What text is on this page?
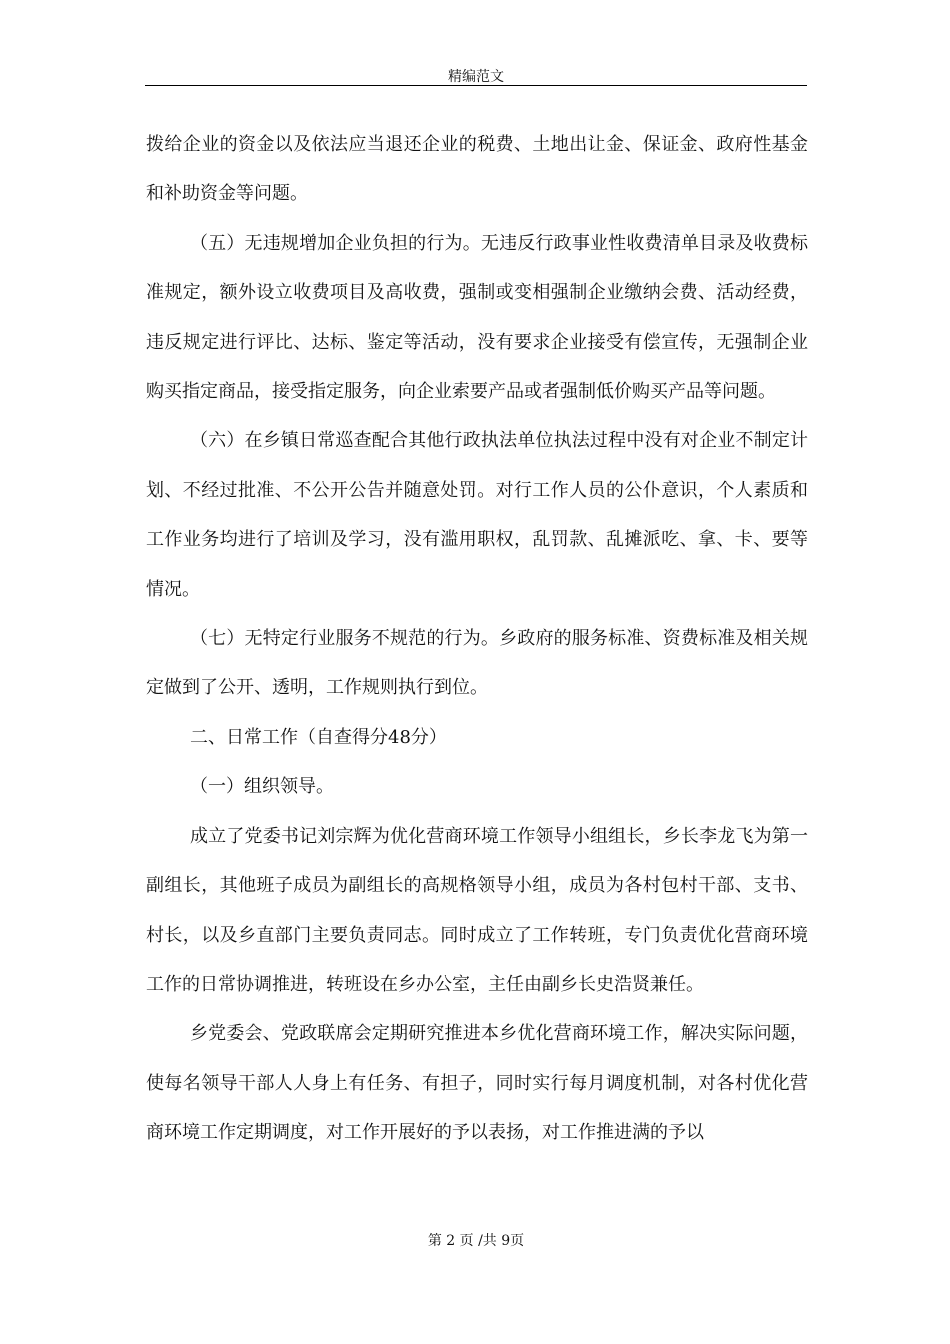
精编范文

拨给企业的资金以及依法应当退还企业的税费、土地出让金、保证金、政府性基金和补助资金等问题。

（五）无违规增加企业负担的行为。无违反行政事业性收费清单目录及收费标准规定，额外设立收费项目及高收费，强制或变相强制企业缴纳会费、活动经费，违反规定进行评比、达标、鉴定等活动，没有要求企业接受有偿宣传，无强制企业购买指定商品，接受指定服务，向企业索要产品或者强制低价购买产品等问题。

（六）在乡镇日常巡查配合其他行政执法单位执法过程中没有对企业不制定计划、不经过批准、不公开公告并随意处罚。对行工作人员的公仆意识，个人素质和工作业务均进行了培训及学习，没有滥用职权，乱罚款、乱摊派吃、拿、卡、要等情况。

（七）无特定行业服务不规范的行为。乡政府的服务标准、资费标准及相关规定做到了公开、透明，工作规则执行到位。

二、日常工作（自查得分48分）

（一）组织领导。

成立了党委书记刘宗辉为优化营商环境工作领导小组组长，乡长李龙飞为第一副组长，其他班子成员为副组长的高规格领导小组，成员为各村包村干部、支书、村长，以及乡直部门主要负责同志。同时成立了工作转班，专门负责优化营商环境工作的日常协调推进，转班设在乡办公室，主任由副乡长史浩贤兼任。

乡党委会、党政联席会定期研究推进本乡优化营商环境工作，解决实际问题，使每名领导干部人人身上有任务、有担子，同时实行每月调度机制，对各村优化营商环境工作定期调度，对工作开展好的予以表扬，对工作推进满的予以

第 2 页 /共 9页
